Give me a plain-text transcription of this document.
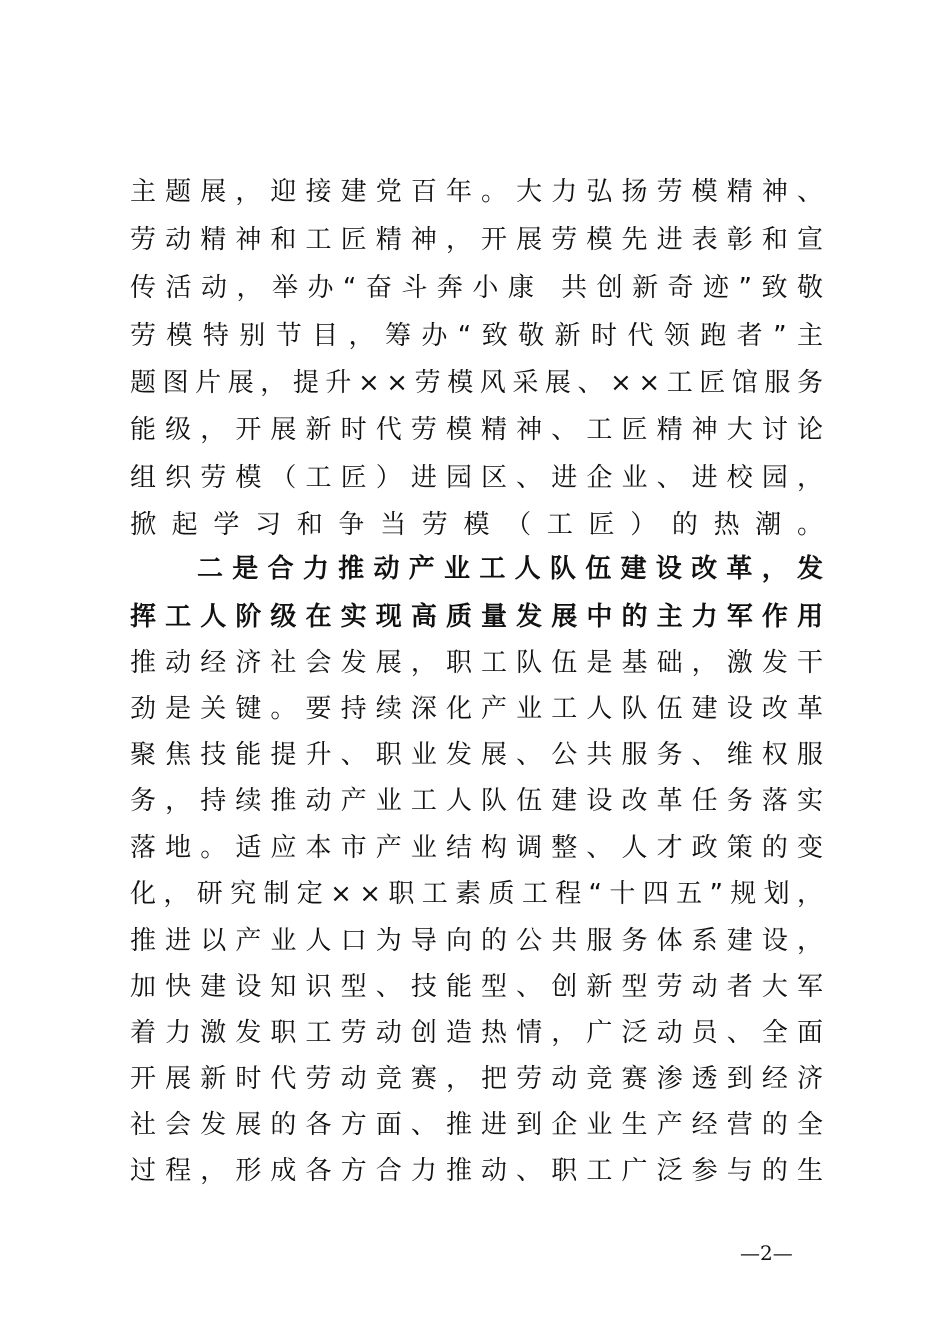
主题展，迎接建党百年。大力弘扬劳模精神、
劳动精神和工匠精神，开展劳模先进表彰和宣
传活动，举办“奋斗奔小康 共创新奇迹”致敬
劳模特别节目，筹办“致敬新时代领跑者”主
题图片展，提升××劳模风采展、××工匠馆服务
能级，开展新时代劳模精神、工匠精神大讨论
组织劳模（工匠）进园区、进企业、进校园，
掀起学习和争当劳模（工匠）的热潮。
二是合力推动产业工人队伍建设改革，发
挥工人阶级在实现高质量发展中的主力军作用
推动经济社会发展，职工队伍是基础，激发干
劲是关键。要持续深化产业工人队伍建设改革
聚焦技能提升、职业发展、公共服务、维权服
务，持续推动产业工人队伍建设改革任务落实
落地。适应本市产业结构调整、人才政策的变
化，研究制定××职工素质工程“十四五”规划，
推进以产业人口为导向的公共服务体系建设，
加快建设知识型、技能型、创新型劳动者大军
着力激发职工劳动创造热情，广泛动员、全面
开展新时代劳动竞赛，把劳动竞赛渗透到经济
社会发展的各方面、推进到企业生产经营的全
过程，形成各方合力推动、职工广泛参与的生
—2—
